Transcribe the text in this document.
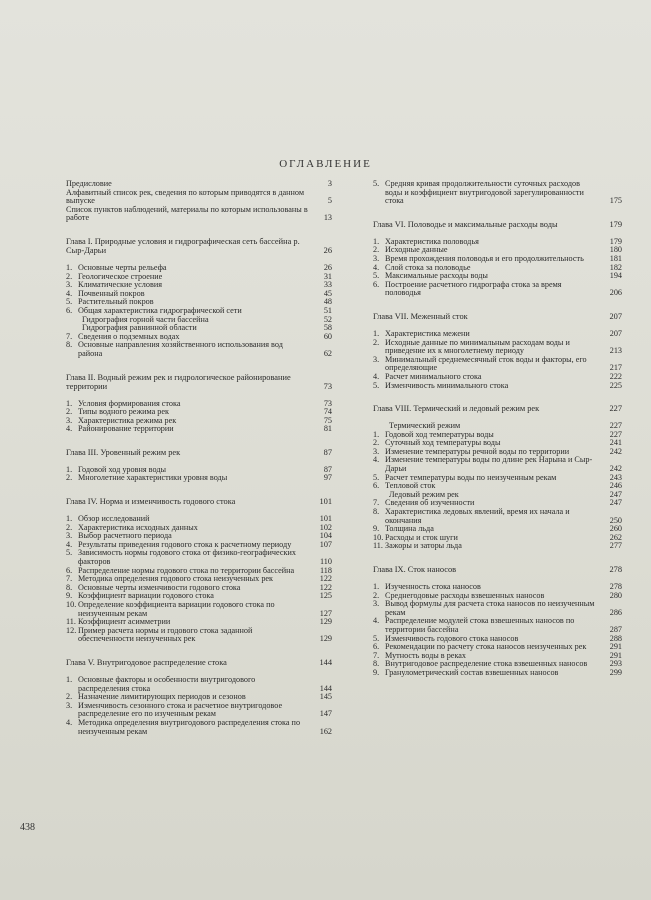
ОГЛАВЛЕНИЕ
Предисловие	3
Алфавитный список рек, сведения по которым приводятся в данном выпуске	5
Список пунктов наблюдений, материалы по которым использованы в работе	13
Глава I. Природные условия и гидрографическая сеть бассейна р. Сыр-Дарьи	26
1. Основные черты рельефа	26
2. Геологическое строение	31
3. Климатические условия	33
4. Почвенный покров	45
5. Растительный покров	48
6. Общая характеристика гидрографической сети	51
Гидрография горной части бассейна	52
Гидрография равнинной области	58
7. Сведения о подземных водах	60
8. Основные направления хозяйственного использования вод района	62
Глава II. Водный режим рек и гидрологическое районирование территории	73
1. Условия формирования стока	73
2. Типы водного режима рек	74
3. Характеристика режима рек	75
4. Районирование территории	81
Глава III. Уровенный режим рек	87
1. Годовой ход уровня воды	87
2. Многолетние характеристики уровня воды	97
Глава IV. Норма и изменчивость годового стока	101
1. Обзор исследований	101
2. Характеристика исходных данных	102
3. Выбор расчетного периода	104
4. Результаты приведения годового стока к расчетному периоду	107
5. Зависимость нормы годового стока от физико-географических факторов	110
6. Распределение нормы годового стока по территории бассейна	118
7. Методика определения годового стока неизученных рек	122
8. Основные черты изменчивости годового стока	122
9. Коэффициент вариации годового стока	125
10. Определение коэффициента вариации годового стока по неизученным рекам	127
11. Коэффициент асимметрии	129
12. Пример расчета нормы и годового стока заданной обеспеченности неизученных рек	129
Глава V. Внутригодовое распределение стока	144
1. Основные факторы и особенности внутригодового распределения стока	144
2. Назначение лимитирующих периодов и сезонов	145
3. Изменчивость сезонного стока и расчетное внутригодовое распределение его по изученным рекам	147
4. Методика определения внутригодового распределения стока по неизученным рекам	162
5. Средняя кривая продолжительности суточных расходов воды и коэффициент внутригодовой зарегулированности стока	175
Глава VI. Половодье и максимальные расходы воды	179
1. Характеристика половодья	179
2. Исходные данные	180
3. Время прохождения половодья и его продолжительность	181
4. Слой стока за половодье	182
5. Максимальные расходы воды	194
6. Построение расчетного гидрографа стока за время половодья	206
Глава VII. Меженный сток	207
1. Характеристика межени	207
2. Исходные данные по минимальным расходам воды и приведение их к многолетнему периоду	213
3. Минимальный среднемесячный сток воды и факторы, его определяющие	217
4. Расчет минимального стока	222
5. Изменчивость минимального стока	225
Глава VIII. Термический и ледовый режим рек	227
Термический режим	227
1. Годовой ход температуры воды	227
2. Суточный ход температуры воды	241
3. Изменение температуры речной воды по территории	242
4. Изменение температуры воды по длине рек Нарына и Сыр-Дарьи	242
5. Расчет температуры воды по неизученным рекам	243
6. Тепловой сток	246
Ледовый режим рек	247
7. Сведения об изученности	247
8. Характеристика ледовых явлений, время их начала и окончания	250
9. Толщина льда	260
10. Расходы и сток шуги	262
11. Зажоры и заторы льда	277
Глава IX. Сток наносов	278
1. Изученность стока наносов	278
2. Среднегодовые расходы взвешенных наносов	280
3. Вывод формулы для расчета стока наносов по неизученным рекам	286
4. Распределение модулей стока взвешенных наносов по территории бассейна	287
5. Изменчивость годового стока наносов	288
6. Рекомендации по расчету стока наносов неизученных рек	291
7. Мутность воды в реках	291
8. Внутригодовое распределение стока взвешенных наносов	293
9. Гранулометрический состав взвешенных наносов	299
438
